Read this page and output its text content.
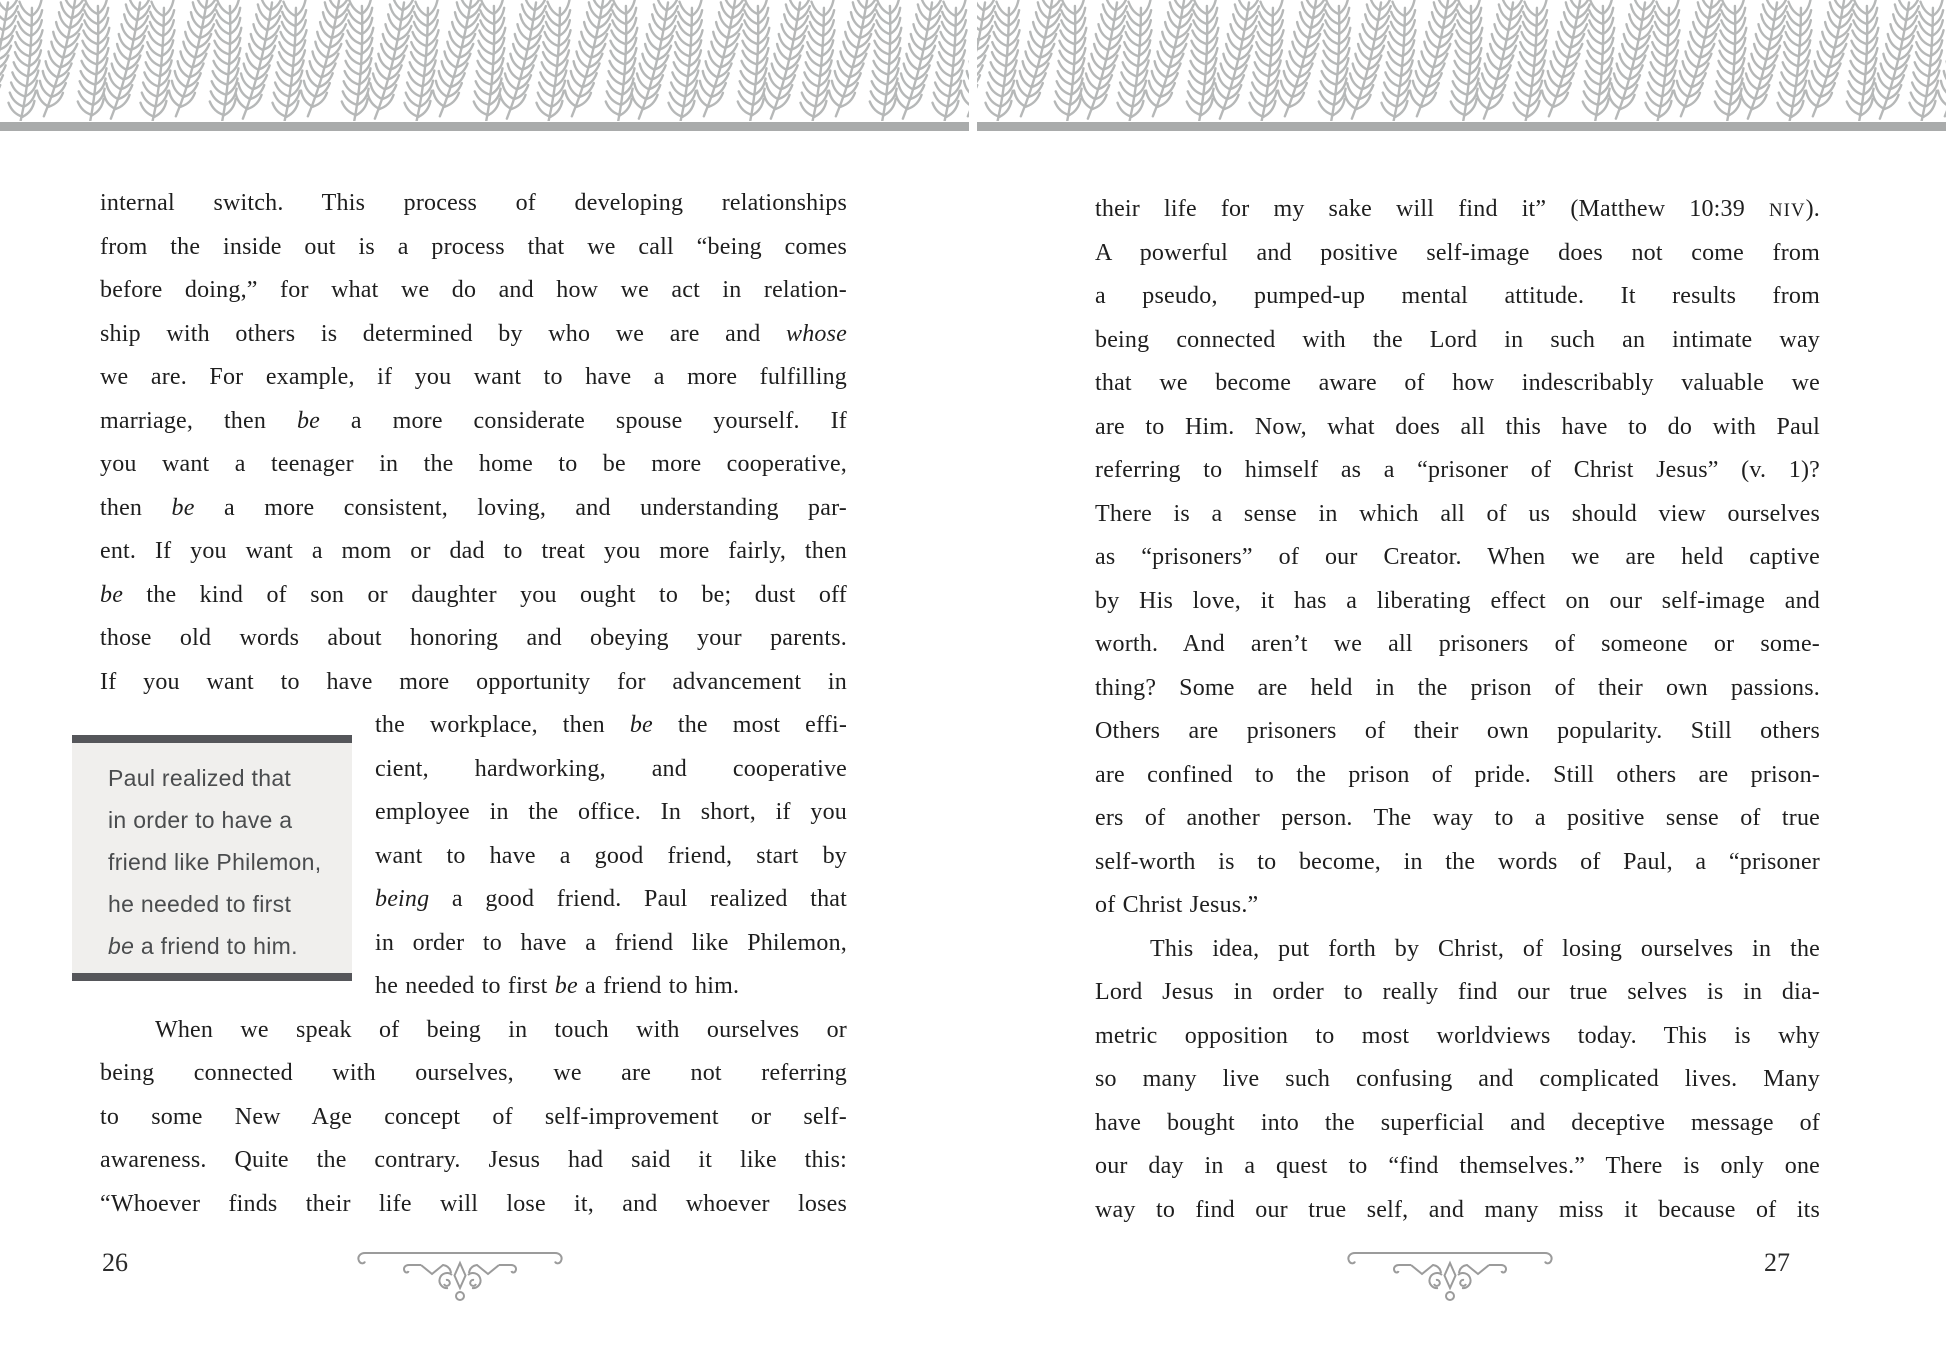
internal switch. This process of developing relationships
from the inside out is a process that we call “being comes
before doing,” for what we do and how we act in relation-
ship with others is determined by who we are and whose
we are. For example, if you want to have a more fulfilling
marriage, then be a more considerate spouse yourself. If
you want a teenager in the home to be more cooperative,
then be a more consistent, loving, and understanding par-
ent. If you want a mom or dad to treat you more fairly, then
be the kind of son or daughter you ought to be; dust off
those old words about honoring and obeying your parents.
If you want to have more opportunity for advancement in
the workplace, then be the most effi-
cient, hardworking, and cooperative
employee in the office. In short, if you
want to have a good friend, start by
being a good friend. Paul realized that
in order to have a friend like Philemon,
he needed to first be a friend to him.
When we speak of being in touch with ourselves or
being connected with ourselves, we are not referring
to some New Age concept of self-improvement or self-
awareness. Quite the contrary. Jesus had said it like this:
“Whoever finds their life will lose it, and whoever loses
Paul realized that
in order to have a
friend like Philemon,
he needed to first
be a friend to him.
26
their life for my sake will find it” (Matthew 10:39 NIV).
A powerful and positive self-image does not come from
a pseudo, pumped-up mental attitude. It results from
being connected with the Lord in such an intimate way
that we become aware of how indescribably valuable we
are to Him. Now, what does all this have to do with Paul
referring to himself as a “prisoner of Christ Jesus” (v. 1)?
There is a sense in which all of us should view ourselves
as “prisoners” of our Creator. When we are held captive
by His love, it has a liberating effect on our self-image and
worth. And aren’t we all prisoners of someone or some-
thing? Some are held in the prison of their own passions.
Others are prisoners of their own popularity. Still others
are confined to the prison of pride. Still others are prison-
ers of another person. The way to a positive sense of true
self-worth is to become, in the words of Paul, a “prisoner
of Christ Jesus.”
This idea, put forth by Christ, of losing ourselves in the
Lord Jesus in order to really find our true selves is in dia-
metric opposition to most worldviews today. This is why
so many live such confusing and complicated lives. Many
have bought into the superficial and deceptive message of
our day in a quest to “find themselves.” There is only one
way to find our true self, and many miss it because of its
27
